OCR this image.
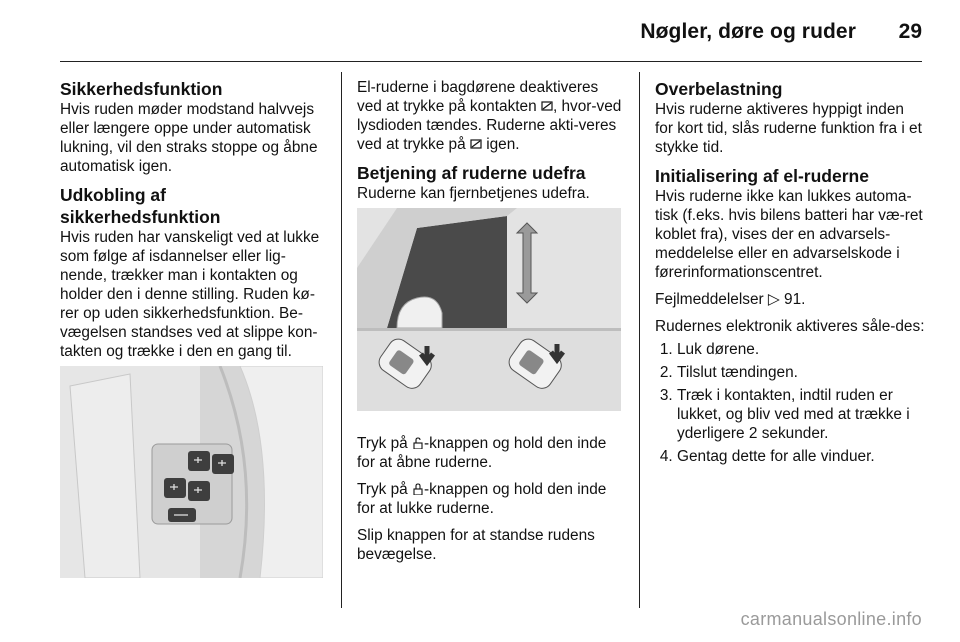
Nøgler, døre og ruder 29

Sikkerhedsfunktion

Hvis ruden møder modstand halvvejs eller længere oppe under automatisk lukning, vil den straks stoppe og åbne automatisk igen.

Udkobling af sikkerhedsfunktion

Hvis ruden har vanskeligt ved at lukke som følge af isdannelser eller lig-nende, trækker man i kontakten og holder den i denne stilling. Ruden kø-rer op uden sikkerhedsfunktion. Be-vægelsen standses ved at slippe kon-takten og trække i den en gang til.

El-ruderne i bagdørene deaktiveres ved at trykke på kontakten , hvor-ved lysdioden tændes. Ruderne akti-veres ved at trykke på  igen.

Betjening af ruderne udefra

Ruderne kan fjernbetjenes udefra.

Tryk på -knappen og hold den inde for at åbne ruderne.

Tryk på -knappen og hold den inde for at lukke ruderne.

Slip knappen for at standse rudens bevægelse.

Overbelastning

Hvis ruderne aktiveres hyppigt inden for kort tid, slås ruderne funktion fra i et stykke tid.

Initialisering af el-ruderne

Hvis ruderne ikke kan lukkes automa-tisk (f.eks. hvis bilens batteri har væ-ret koblet fra), vises der en advarsels-meddelelse eller en advarselskode i førerinformationscentret.

Fejlmeddelelser ▷ 91.

Rudernes elektronik aktiveres såle-des:

1. Luk dørene.
2. Tilslut tændingen.
3. Træk i kontakten, indtil ruden er lukket, og bliv ved med at trække i yderligere 2 sekunder.
4. Gentag dette for alle vinduer.
carmanualsonline.info
